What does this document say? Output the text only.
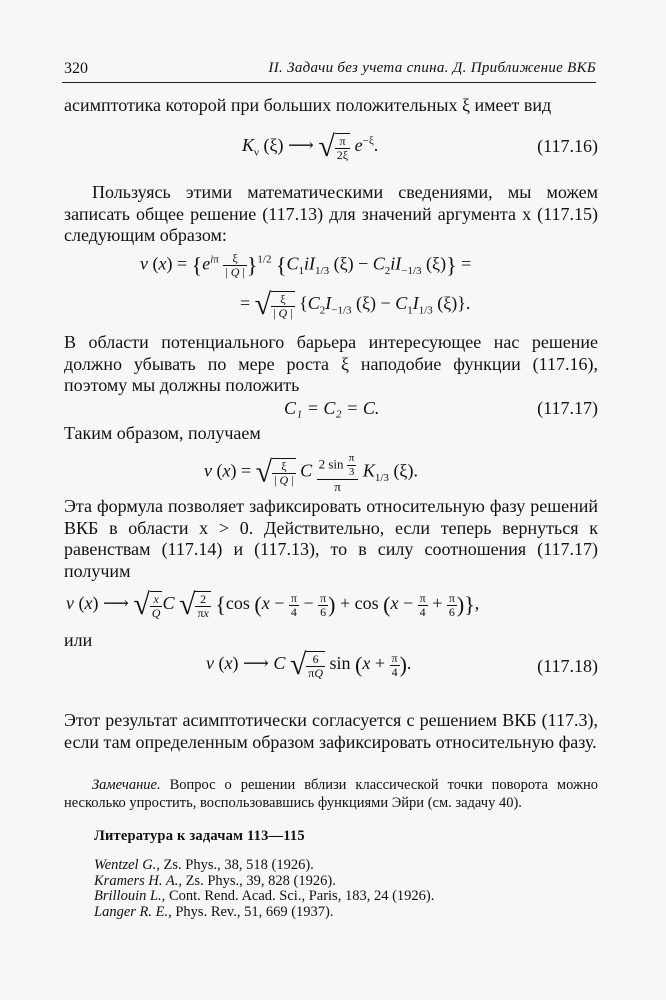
320	II. Задачи без учета спина. Д. Приближение ВКБ
асимптотика которой при больших положительных ξ имеет вид
$K_\nu$ (ξ) ⟶ √ $\frac{\pi}{2\xi} e^{-\xi}$.	(117.16)
Пользуясь этими математическими сведениями, мы можем записать общее решение (117.13) для значений аргумента x (117.15) следующим образом:
v $(x) = \{e^{i\pi} \frac{\xi}{| Q |} \}^{1/2}$ {$C_1iI_{1/3}$ $(\xi) - C_2iI_{-1/3}$ (ξ)} =
= √ $\frac{\xi}{| Q |} \{C_2I_{-1/3}$ $(\xi) - C_1I_{1/3}$ (ξ)}.
В области потенциального барьера интересующее нас решение должно убывать по мере роста ξ наподобие функции (117.16), поэтому мы должны положить
C₁ = C₂ = C.	(117.17)
Таким образом, получаем
v (x) = √ $\frac{\xi}{| Q |}$ C $\frac{2 \sin \frac{\pi}{3}}{\pi} K_{1/3}$ (ξ).
Эта формула позволяет зафиксировать относительную фазу решений ВКБ в области x > 0. Действительно, если теперь вернуться к равенствам (117.14) и (117.13), то в силу соотношения (117.17) получим
v (x) ⟶ √ $\frac{x}{Q}$ C √ $\frac{2}{\pi x} \{\cos$ ($x - \frac{\pi}{4} - \frac{\pi}{6}$ ) + $\cos (x - \frac{\pi}{4} + \frac{\pi}{6}$ )},
или
v (x) ⟶ C √ $\frac{6}{\pi Q}$ $\sin (x + \frac{\pi}{4}$ ).	(117.18)
Этот результат асимптотически согласуется с решением ВКБ (117.3), если там определенным образом зафиксировать относительную фазу.
Замечание. Вопрос о решении вблизи классической точки поворота можно несколько упростить, воспользовавшись функциями Эйри (см. задачу 40).
Литература к задачам 113—115
Wentzel G., Zs. Phys., 38, 518 (1926).
Kramers H. A., Zs. Phys., 39, 828 (1926).
Brillouin L., Cont. Rend. Acad. Sci., Paris, 183, 24 (1926).
Langer R. E., Phys. Rev., 51, 669 (1937).
